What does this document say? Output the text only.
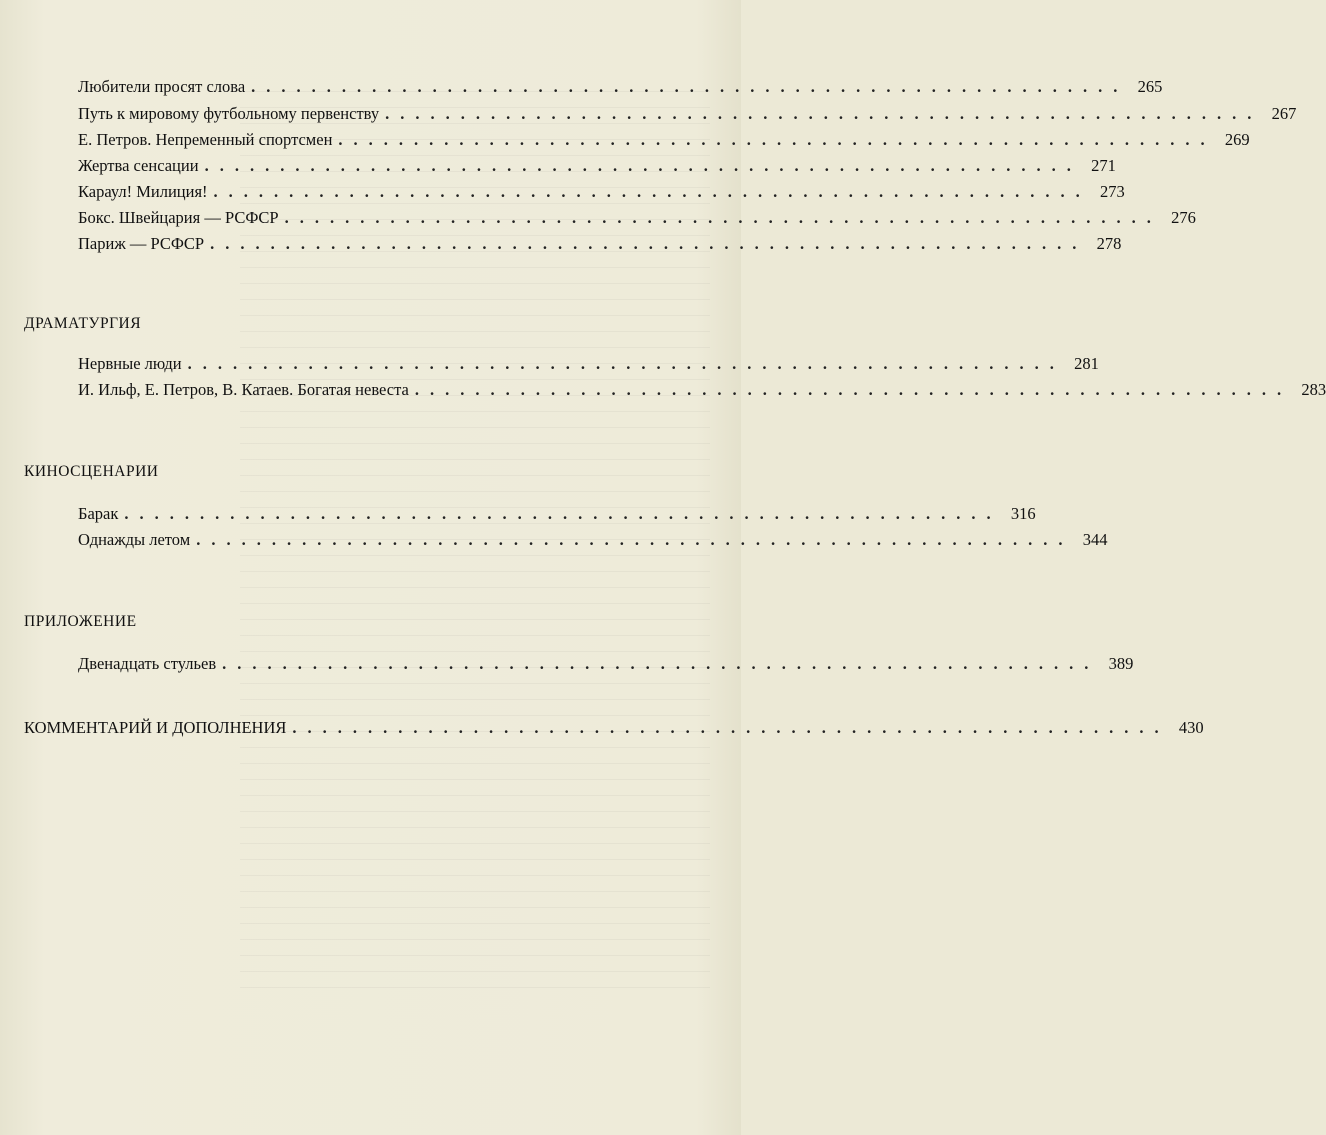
Любители просят слова .......................................................... 265
Путь к мировому футбольному первенству .......................................................... 267
Е. Петров. Непременный спортсмен .......................................................... 269
Жертва сенсации .......................................................... 271
Караул! Милиция! .......................................................... 273
Бокс. Швейцария — РСФСР .......................................................... 276
Париж — РСФСР .......................................................... 278
ДРАМАТУРГИЯ
Нервные люди .......................................................... 281
И. Ильф, Е. Петров, В. Катаев. Богатая невеста .......................................................... 283
КИНОСЦЕНАРИИ
Барак .......................................................... 316
Однажды летом .......................................................... 344
ПРИЛОЖЕНИЕ
Двенадцать стульев .......................................................... 389
КОММЕНТАРИЙ И ДОПОЛНЕНИЯ .......................................................... 430
